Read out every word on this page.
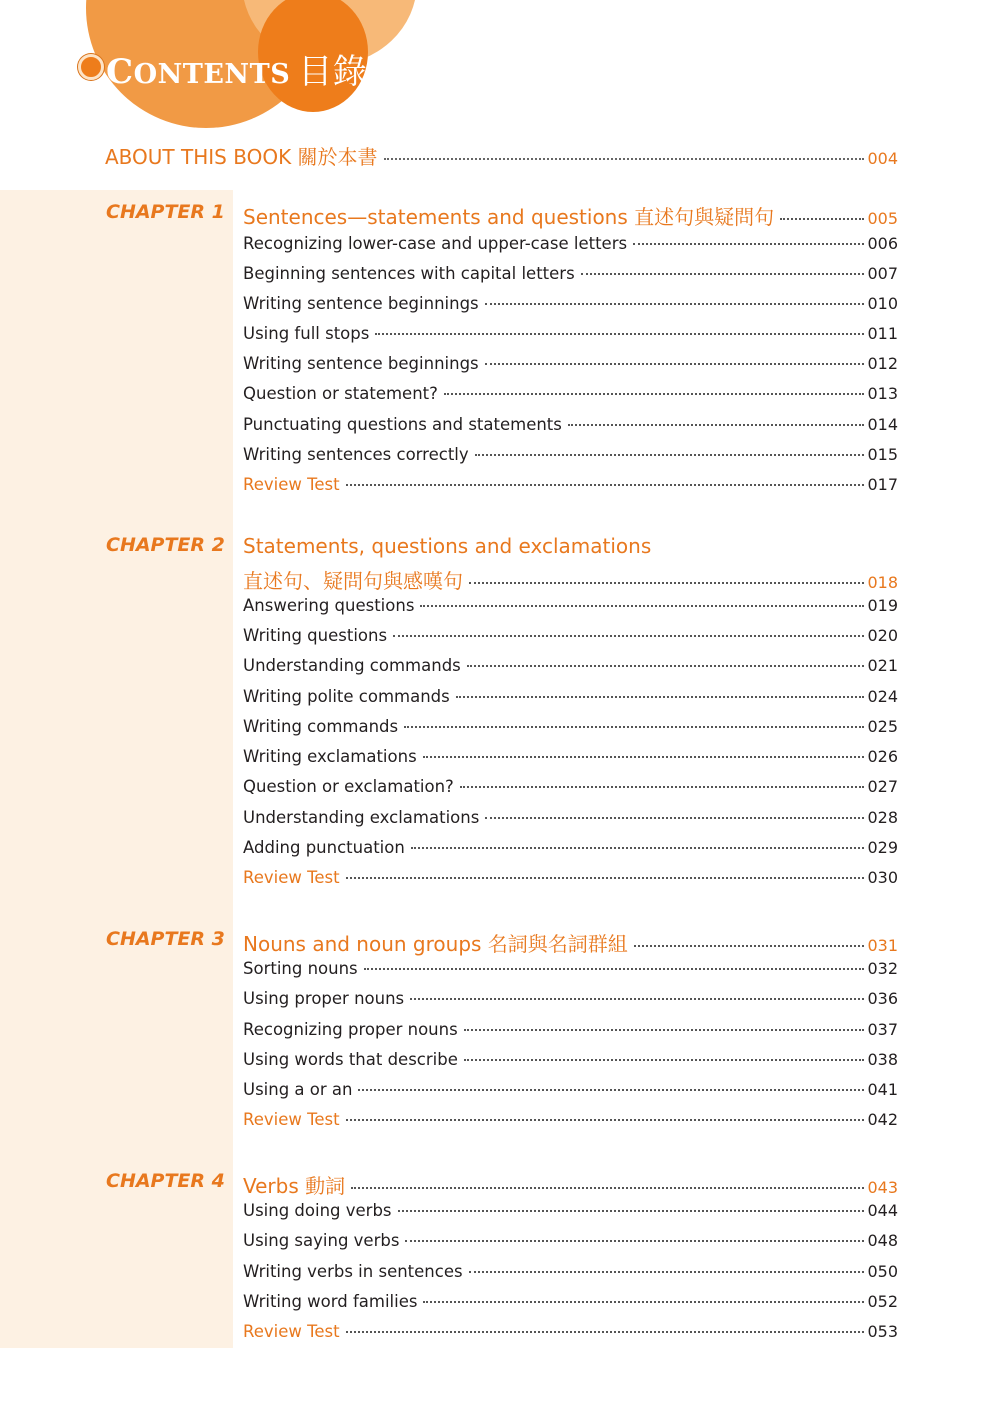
CONTENTS 目錄
ABOUT THIS BOOK 關於本書	004
CHAPTER 1 Sentences—statements and questions 直述句與疑問句	005
Recognizing lower-case and upper-case letters	006
Beginning sentences with capital letters	007
Writing sentence beginnings	010
Using full stops	011
Writing sentence beginnings	012
Question or statement?	013
Punctuating questions and statements	014
Writing sentences correctly	015
Review Test	017
CHAPTER 2 Statements, questions and exclamations
直述句、疑問句與感嘆句	018
Answering questions	019
Writing questions	020
Understanding commands	021
Writing polite commands	024
Writing commands	025
Writing exclamations	026
Question or exclamation?	027
Understanding exclamations	028
Adding punctuation	029
Review Test	030
CHAPTER 3 Nouns and noun groups 名詞與名詞群組	031
Sorting nouns	032
Using proper nouns	036
Recognizing proper nouns	037
Using words that describe	038
Using a or an	041
Review Test	042
CHAPTER 4 Verbs 動詞	043
Using doing verbs	044
Using saying verbs	048
Writing verbs in sentences	050
Writing word families	052
Review Test	053
